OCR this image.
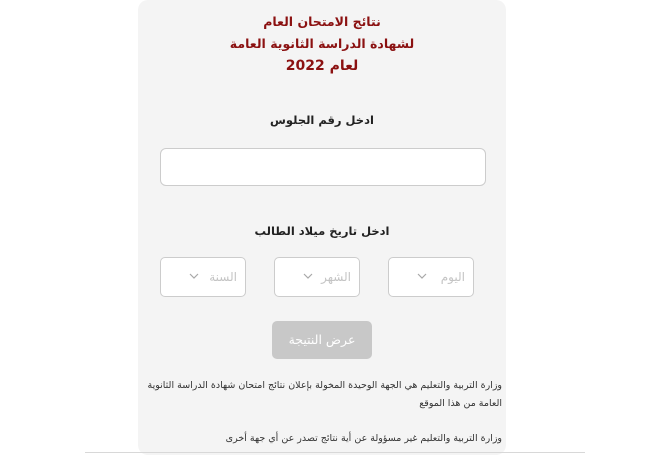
نتائج الامتحان العام
لشهادة الدراسة الثانوية العامة
لعام 2022
ادخل رقم الجلوس
ادخل تاريخ ميلاد الطالب
السنة	الشهر	اليوم
عرض النتيجة
وزارة التربية والتعليم هي الجهة الوحيدة المخولة بإعلان نتائج امتحان شهادة الدراسة الثانوية العامة من هذا الموقع
وزارة التربية والتعليم غير مسؤولة عن أية نتائج تصدر عن أي جهة أخرى
